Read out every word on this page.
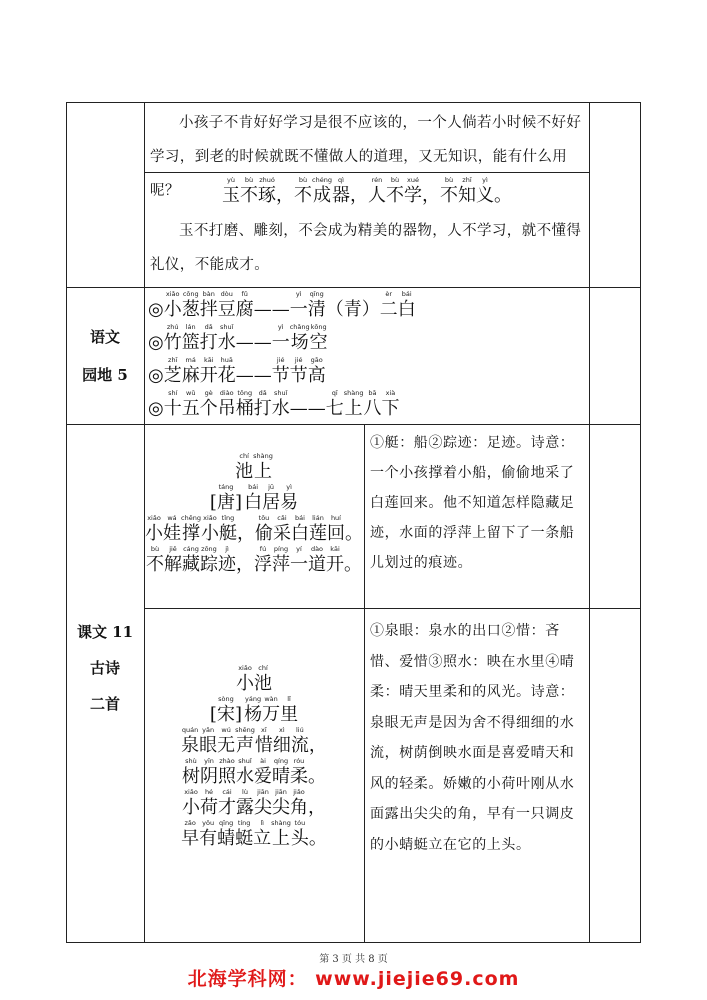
小孩子不肯好好学习是很不应该的，一个人倘若小时候不好好学习，到老的时候就既不懂做人的道理，又无知识，能有什么用呢？
yù
玉
bù
不
zhuó
琢
，
bù
不
chéng
成
qì
器
，
rén
人
bù
不
xué
学
，
bù
不
zhī
知
yì
义
。
玉不打磨、雕刻，不会成为精美的器物，人不学习，就不懂得礼仪，不能成才。
语文
园地 5

◎
xiǎo
小
cōng
葱
bàn
拌
dòu
豆
fǔ
腐
——
yì
一
qīng
清
（青）
èr
二
bái
白

◎
zhú
竹
lán
篮
dǎ
打
shuǐ
水
——
yì
一
chǎng
场
kōng
空

◎
zhī
芝
má
麻
kāi
开
huā
花
——
jié
节
jié
节
gāo
高

◎
shí
十
wǔ
五
gè
个
diào
吊
tǒng
桶
dǎ
打
shuǐ
水
——
qī
七
shàng
上
bā
八
xià
下
课文 11
古诗
二首
chí
池
shàng
上

[
táng
唐
]

bái
白
jū
居
yì
易
xiǎo
小
wá
娃
chēng
撑
xiǎo
小
tǐng
艇
，
tōu
偷
cǎi
采
bái
白
lián
莲
huí
回
。
bù
不
jiě
解
cáng
藏
zōng
踪
jì
迹
，
fú
浮
píng
萍
yí
一
dào
道
kāi
开
。
①艇：船②踪迹：足迹。诗意：一个小孩撑着小船，偷偷地采了白莲回来。他不知道怎样隐藏足迹，水面的浮萍上留下了一条船儿划过的痕迹。
xiǎo
小
chí
池

[
sòng
宋
]

yáng
杨
wàn
万
lǐ
里
quán
泉
yǎn
眼
wú
无
shēng
声
xī
惜
xì
细
liú
流
，
shù
树
yīn
阴
zhào
照
shuǐ
水
ài
爱
qíng
晴
róu
柔
。
xiǎo
小
hé
荷
cái
才
lù
露
jiān
尖
jiān
尖
jiǎo
角
，
zǎo
早
yǒu
有
qīng
蜻
tíng
蜓
lì
立
shàng
上
tóu
头
。
①泉眼：泉水的出口②惜：吝惜、爱惜③照水：映在水里④晴柔：晴天里柔和的风光。诗意：泉眼无声是因为舍不得细细的水流，树荫倒映水面是喜爱晴天和风的轻柔。娇嫩的小荷叶刚从水面露出尖尖的角，早有一只调皮的小蜻蜓立在它的上头。
第 3 页 共 8 页
北海学科网： www.jiejie69.com
